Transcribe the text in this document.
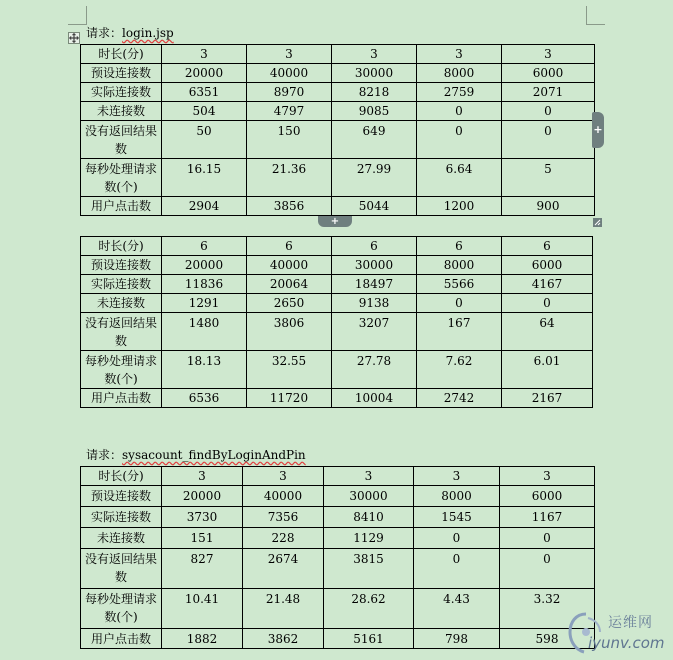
请求：login.jsp
时长(分)	3	3	3	3	3
预设连接数	20000	40000	30000	8000	6000
实际连接数	6351	8970	8218	2759	2071
未连接数	504	4797	9085	0	0
没有返回结果数	50	150	649	0	0
每秒处理请求数(个)	16.15	21.36	27.99	6.64	5
用户点击数	2904	3856	5044	1200	900
+
+
时长(分)	6	6	6	6	6
预设连接数	20000	40000	30000	8000	6000
实际连接数	11836	20064	18497	5566	4167
未连接数	1291	2650	9138	0	0
没有返回结果数	1480	3806	3207	167	64
每秒处理请求数(个)	18.13	32.55	27.78	7.62	6.01
用户点击数	6536	11720	10004	2742	2167
请求：sysacount_findByLoginAndPin
时长(分)	3	3	3	3	3
预设连接数	20000	40000	30000	8000	6000
实际连接数	3730	7356	8410	1545	1167
未连接数	151	228	1129	0	0
没有返回结果数	827	2674	3815	0	0
每秒处理请求数(个)	10.41	21.48	28.62	4.43	3.32
用户点击数	1882	3862	5161	798	598
运维网
iyunv.com
